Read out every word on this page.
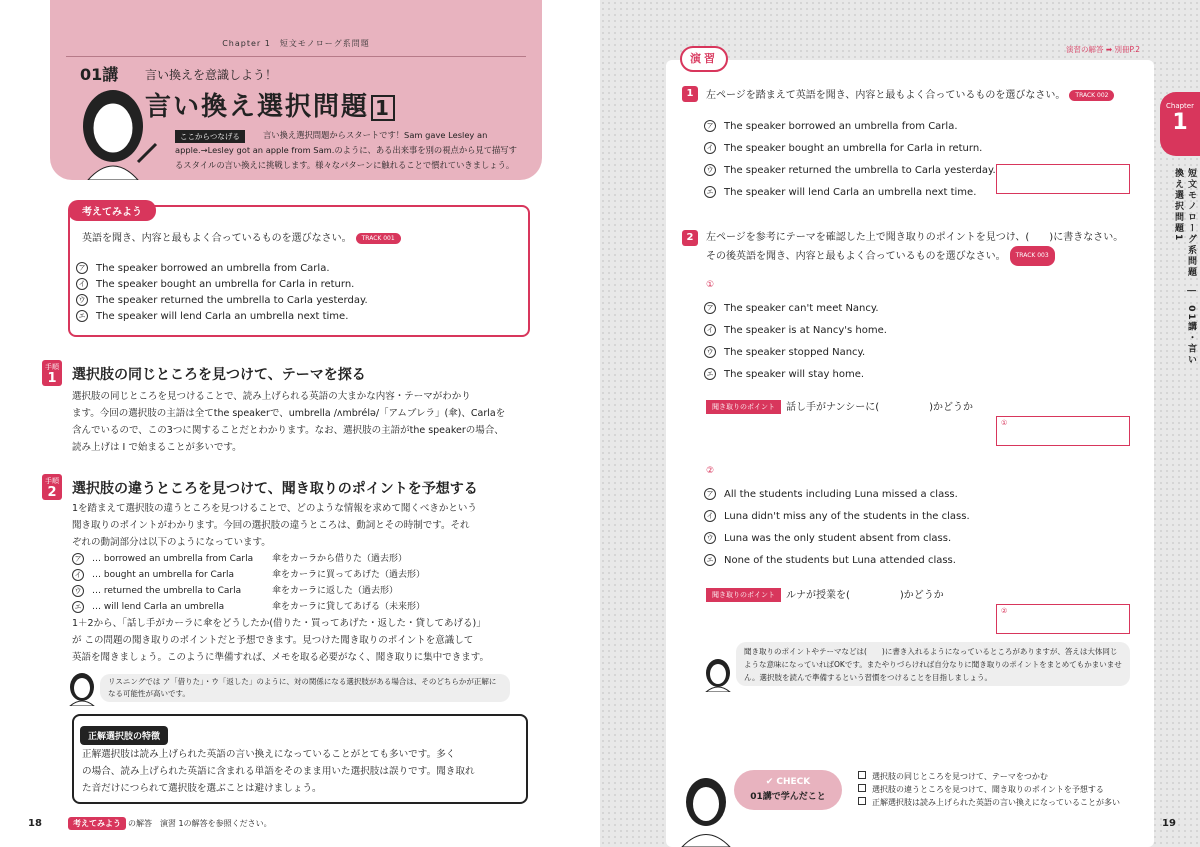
Chapter 1　短文モノローグ系問題
01講 言い換えを意識しよう！
言い換え選択問題 1
ここからつなげる	言い換え選択問題からスタートです！Sam gave Lesley an apple.→Lesley got an apple from Sam.のように、ある出来事を別の視点から見て描写するスタイルの言い換えに挑戦します。様々なパターンに触れることで慣れていきましょう。
英語を聞き、内容と最もよく合っているものを選びなさい。 TRACK 001
ア The speaker borrowed an umbrella from Carla.
イ The speaker bought an umbrella for Carla in return.
ウ The speaker returned the umbrella to Carla yesterday.
エ The speaker will lend Carla an umbrella next time.
考えてみよう
手順
1	選択肢の同じところを見つけて、テーマを探る
選択肢の同じところを見つけることで、読み上げられる英語の大まかな内容・テーマがわかり
ます。今回の選択肢の主語は全てthe speakerで、umbrella /ʌmbrélə/「アムブレラ」(傘)、Carlaを
含んでいるので、この3つに関することだとわかります。なお、選択肢の主語がthe speakerの場合、
読み上げは I で始まることが多いです。
手順
2	選択肢の違うところを見つけて、聞き取りのポイントを予想する
1を踏まえて選択肢の違うところを見つけることで、どのような情報を求めて聞くべきかという
聞き取りのポイントがわかります。今回の選択肢の違うところは、動詞とその時制です。それ
ぞれの動詞部分は以下のようになっています。
ア … borrowed an umbrella from Carla 傘をカーラから借りた（過去形）
イ … bought an umbrella for Carla	傘をカーラに買ってあげた（過去形）
ウ … returned the umbrella to Carla	傘をカーラに返した（過去形）
エ … will lend Carla an umbrella	傘をカーラに貸してあげる（未来形）
1＋2から、「話し手がカーラに傘をどうしたか(借りた・買ってあげた・返した・貸してあげる)」
が この問題の聞き取りのポイントだと予想できます。見つけた聞き取りのポイントを意識して
英語を聞きましょう。このように準備すれば、メモを取る必要がなく、聞き取りに集中できます。
リスニングでは ア「借りた」・ウ「返した」のように、対の関係になる選択肢がある場合は、そのどちらかが正解になる可能性が高いです。
正解選択肢の特徴
正解選択肢は読み上げられた英語の言い換えになっていることがとても多いです。多く
の場合、読み上げられた英語に含まれる単語をそのまま用いた選択肢は誤りです。聞き取れ
た音だけにつられて選択肢を選ぶことは避けましょう。
18	考えてみよう の解答　演習 1の解答を参照ください。
演習の解答 ➡ 別冊P.2
演習
Chapter
1
短文モノローグ系問題　|　01講・言い換え選択問題1
1	左ページを踏まえて英語を聞き、内容と最もよく合っているものを選びなさい。 TRACK 002
ア The speaker borrowed an umbrella from Carla.
イ The speaker bought an umbrella for Carla in return.
ウ The speaker returned the umbrella to Carla yesterday.
エ The speaker will lend Carla an umbrella next time.
2	左ページを参考にテーマを確認した上で聞き取りのポイントを見つけ、(　　)に書きなさい。
その後英語を聞き、内容と最もよく合っているものを選びなさい。 TRACK 003
①
ア The speaker can't meet Nancy.
イ The speaker is at Nancy's home.
ウ The speaker stopped Nancy.
エ The speaker will stay home.
聞き取りのポイント	話し手がナンシーに(　　　　　)かどうか
①
②
ア All the students including Luna missed a class.
イ Luna didn't miss any of the students in the class.
ウ Luna was the only student absent from class.
エ None of the students but Luna attended class.
聞き取りのポイント	ルナが授業を(　　　　　)かどうか
②
聞き取りのポイントやテーマなどは(　　)に書き入れるようになっているところがありますが、答えは大体同じような意味になっていればOKです。またやりづらければ自分なりに聞き取りのポイントをまとめてもかまいません。選択肢を読んで準備するという習慣をつけることを目指しましょう。
✔ CHECK
01講で学んだこと
選択肢の同じところを見つけて、テーマをつかむ
選択肢の違うところを見つけて、聞き取りのポイントを予想する
正解選択肢は読み上げられた英語の言い換えになっていることが多い
19
